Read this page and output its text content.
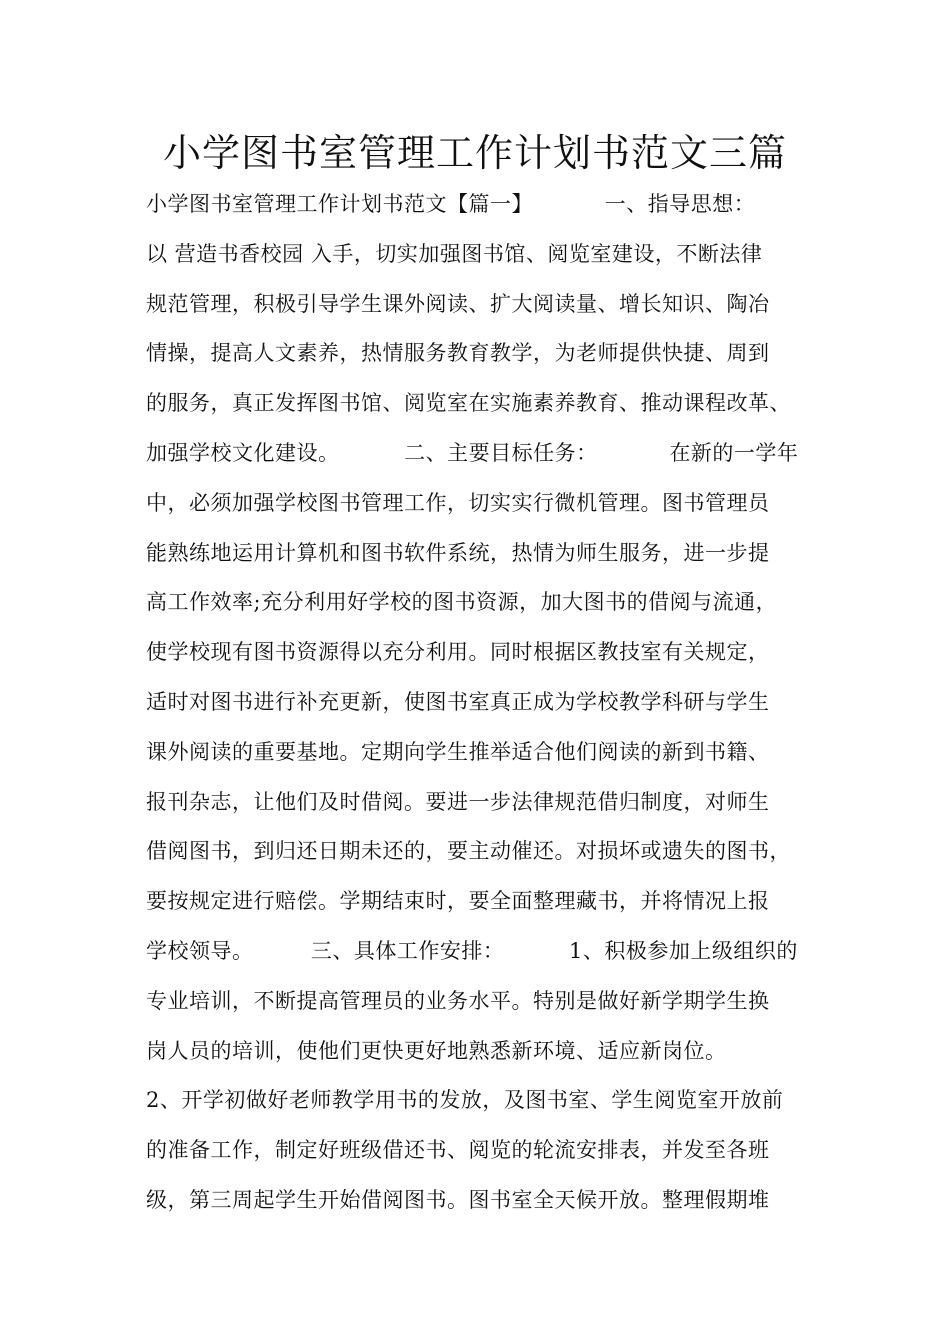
小学图书室管理工作计划书范文三篇
小学图书室管理工作计划书范文【篇一】          一、指导思想：
以 营造书香校园 入手，切实加强图书馆、阅览室建设，不断法律
规范管理，积极引导学生课外阅读、扩大阅读量、增长知识、陶冶
情操，提高人文素养，热情服务教育教学，为老师提供快捷、周到
的服务，真正发挥图书馆、阅览室在实施素养教育、推动课程改革、
加强学校文化建设。         二、主要目标任务：          在新的一学年
中，必须加强学校图书管理工作，切实实行微机管理。图书管理员
能熟练地运用计算机和图书软件系统，热情为师生服务，进一步提
高工作效率;充分利用好学校的图书资源，加大图书的借阅与流通，
使学校现有图书资源得以充分利用。同时根据区教技室有关规定，
适时对图书进行补充更新，使图书室真正成为学校教学科研与学生
课外阅读的重要基地。定期向学生推举适合他们阅读的新到书籍、
报刊杂志，让他们及时借阅。要进一步法律规范借归制度，对师生
借阅图书，到归还日期未还的，要主动催还。对损坏或遗失的图书，
要按规定进行赔偿。学期结束时，要全面整理藏书，并将情况上报
学校领导。        三、具体工作安排：         1、积极参加上级组织的
专业培训，不断提高管理员的业务水平。特别是做好新学期学生换
岗人员的培训，使他们更快更好地熟悉新环境、适应新岗位。
2、开学初做好老师教学用书的发放，及图书室、学生阅览室开放前
的准备工作，制定好班级借还书、阅览的轮流安排表，并发至各班
级，第三周起学生开始借阅图书。图书室全天候开放。整理假期堆
